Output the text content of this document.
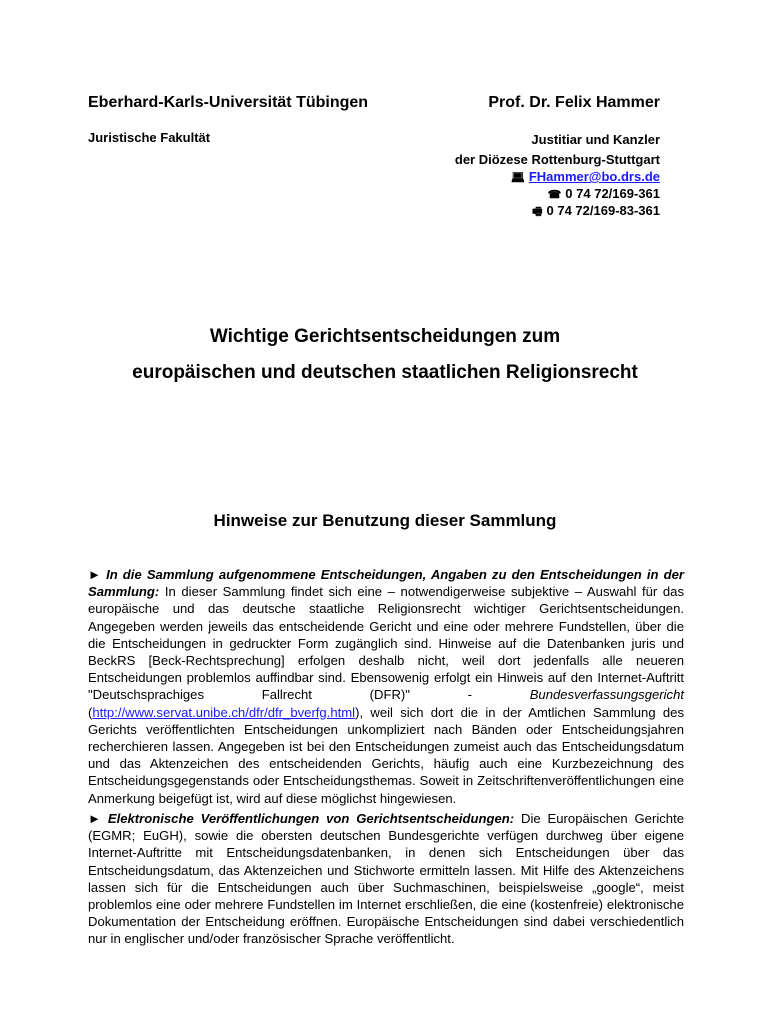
Eberhard-Karls-Universität Tübingen
Juristische Fakultät
Prof. Dr. Felix Hammer
Justitiar und Kanzler
der Diözese Rottenburg-Stuttgart
💻︎ FHammer@bo.drs.de
☎ 0 74 72/169-361
🖷︎ 0 74 72/169-83-361
Wichtige Gerichtsentscheidungen zum
europäischen und deutschen staatlichen Religionsrecht
Hinweise zur Benutzung dieser Sammlung
► In die Sammlung aufgenommene Entscheidungen, Angaben zu den Entscheidungen in der Sammlung: In dieser Sammlung findet sich eine – notwendigerweise subjektive – Auswahl für das europäische und das deutsche staatliche Religionsrecht wichtiger Gerichtsentscheidungen. Angegeben werden jeweils das entscheidende Gericht und eine oder mehrere Fundstellen, über die die Entscheidungen in gedruckter Form zugänglich sind. Hinweise auf die Datenbanken juris und BeckRS [Beck-Rechtsprechung] erfolgen deshalb nicht, weil dort jedenfalls alle neueren Entscheidungen problemlos auffindbar sind. Ebensowenig erfolgt ein Hinweis auf den Internet-Auftritt "Deutschsprachiges Fallrecht (DFR)" - Bundesverfassungsgericht (http://www.servat.unibe.ch/dfr/dfr_bverfg.html), weil sich dort die in der Amtlichen Sammlung des Gerichts veröffentlichten Entscheidungen unkompliziert nach Bänden oder Entscheidungsjahren recherchieren lassen. Angegeben ist bei den Entscheidungen zumeist auch das Entscheidungsdatum und das Aktenzeichen des entscheidenden Gerichts, häufig auch eine Kurzbezeichnung des Entscheidungsgegenstands oder Entscheidungsthemas. Soweit in Zeitschriftenveröffentlichungen eine Anmerkung beigefügt ist, wird auf diese möglichst hingewiesen.
► Elektronische Veröffentlichungen von Gerichtsentscheidungen: Die Europäischen Gerichte (EGMR; EuGH), sowie die obersten deutschen Bundesgerichte verfügen durchweg über eigene Internet-Auftritte mit Entscheidungsdatenbanken, in denen sich Entscheidungen über das Entscheidungsdatum, das Aktenzeichen und Stichworte ermitteln lassen. Mit Hilfe des Aktenzeichens lassen sich für die Entscheidungen auch über Suchmaschinen, beispielsweise „google“, meist problemlos eine oder mehrere Fundstellen im Internet erschließen, die eine (kostenfreie) elektronische Dokumentation der Entscheidung eröffnen. Europäische Entscheidungen sind dabei verschiedentlich nur in englischer und/oder französischer Sprache veröffentlicht.
